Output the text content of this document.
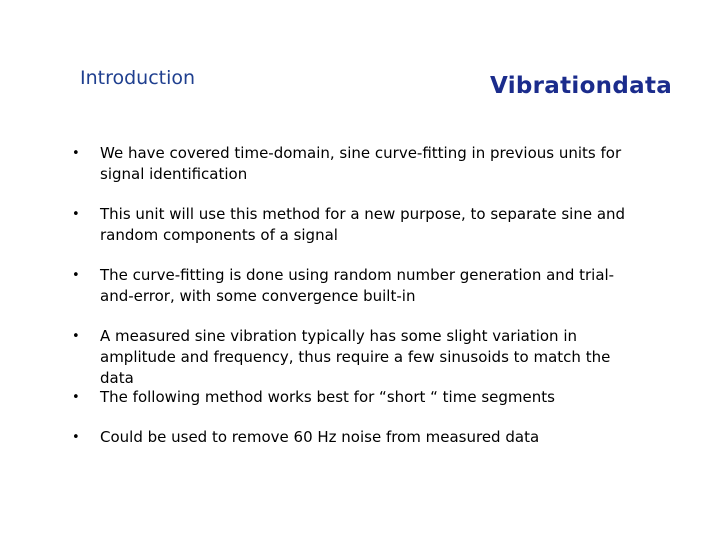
Introduction	Vibrationdata
• We have covered time-domain, sine curve-fitting in previous units for signal identification
• This unit will use this method for a new purpose, to separate sine and random components of a signal
• The curve-fitting is done using random number generation and trial-and-error, with some convergence built-in
• A measured sine vibration typically has some slight variation in amplitude and frequency, thus require a few sinusoids to match the data
• The following method works best for “short “ time segments
• Could be used to remove 60 Hz noise from measured data
